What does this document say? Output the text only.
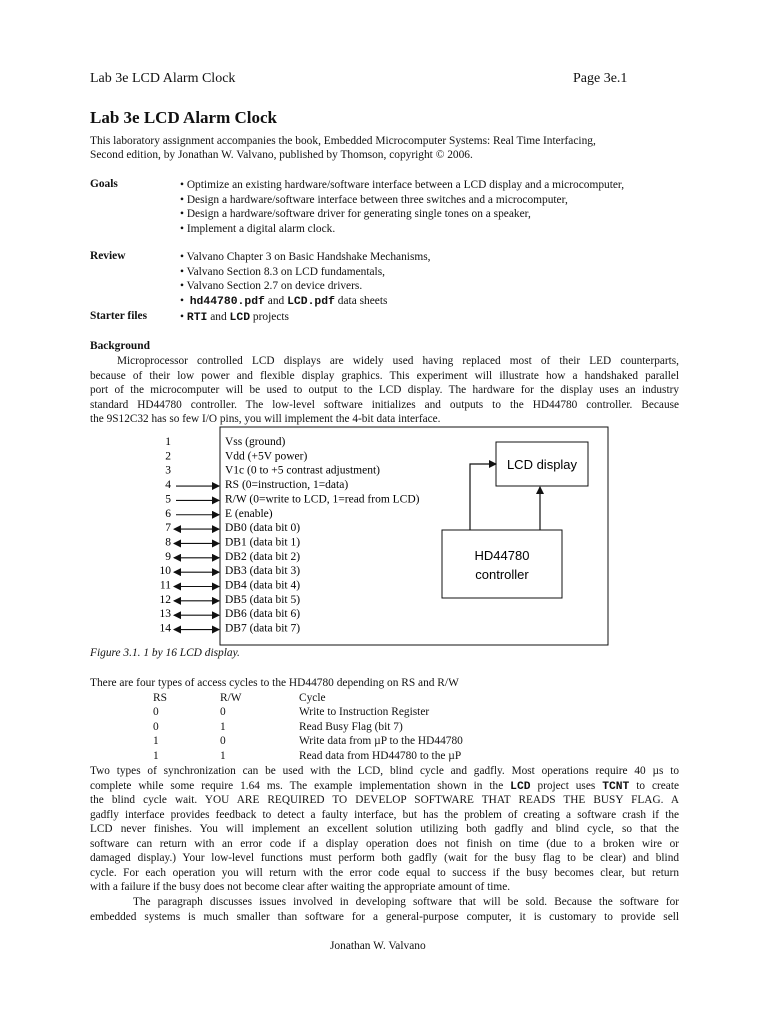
Lab 3e LCD Alarm Clock	Page 3e.1
Lab 3e LCD Alarm Clock
This laboratory assignment accompanies the book, Embedded Microcomputer Systems: Real Time Interfacing,
Second edition, by Jonathan W. Valvano, published by Thomson, copyright © 2006.
Goals	• Optimize an existing hardware/software interface between a LCD display and a microcomputer,
• Design a hardware/software interface between three switches and a microcomputer,
• Design a hardware/software driver for generating single tones on a speaker,
• Implement a digital alarm clock.
Review	• Valvano Chapter 3 on Basic Handshake Mechanisms,
• Valvano Section 8.3 on LCD fundamentals,
• Valvano Section 2.7 on device drivers.
• hd44780.pdf and LCD.pdf data sheets
Starter files	• RTI and LCD projects
Background
Microprocessor controlled LCD displays are widely used having replaced most of their LED counterparts,
because of their low power and flexible display graphics. This experiment will illustrate how a handshaked parallel
port of the microcomputer will be used to output to the LCD display. The hardware for the display uses an industry
standard HD44780 controller. The low-level software initializes and outputs to the HD44780 controller. Because
the 9S12C32 has so few I/O pins, you will implement the 4-bit data interface.
LCD display
HD44780
controller
1	Vss (ground)
2	Vdd (+5V power)
3	V1c (0 to +5 contrast adjustment)
4	RS (0=instruction, 1=data)
5	R/W (0=write to LCD, 1=read from LCD)
6	E (enable)
7	DB0 (data bit 0)
8	DB1 (data bit 1)
9	DB2 (data bit 2)
10	DB3 (data bit 3)
11	DB4 (data bit 4)
12	DB5 (data bit 5)
13	DB6 (data bit 6)
14	DB7 (data bit 7)
Figure 3.1. 1 by 16 LCD display.
There are four types of access cycles to the HD44780 depending on RS and R/W
RS	R/W	Cycle
0	0	Write to Instruction Register
0	1	Read Busy Flag (bit 7)
1	0	Write data from µP to the HD44780
1	1	Read data from HD44780 to the µP
Two types of synchronization can be used with the LCD, blind cycle and gadfly. Most operations require 40 µs to
complete while some require 1.64 ms. The example implementation shown in the LCD project uses TCNT to create
the blind cycle wait. YOU ARE REQUIRED TO DEVELOP SOFTWARE THAT READS THE BUSY FLAG. A
gadfly interface provides feedback to detect a faulty interface, but has the problem of creating a software crash if the
LCD never finishes. You will implement an excellent solution utilizing both gadfly and blind cycle, so that the
software can return with an error code if a display operation does not finish on time (due to a broken wire or
damaged display.) Your low-level functions must perform both gadfly (wait for the busy flag to be clear) and blind
cycle. For each operation you will return with the error code equal to success if the busy becomes clear, but return
with a failure if the busy does not become clear after waiting the appropriate amount of time.
The paragraph discusses issues involved in developing software that will be sold. Because the software for
embedded systems is much smaller than software for a general-purpose computer, it is customary to provide sell
Jonathan W. Valvano
